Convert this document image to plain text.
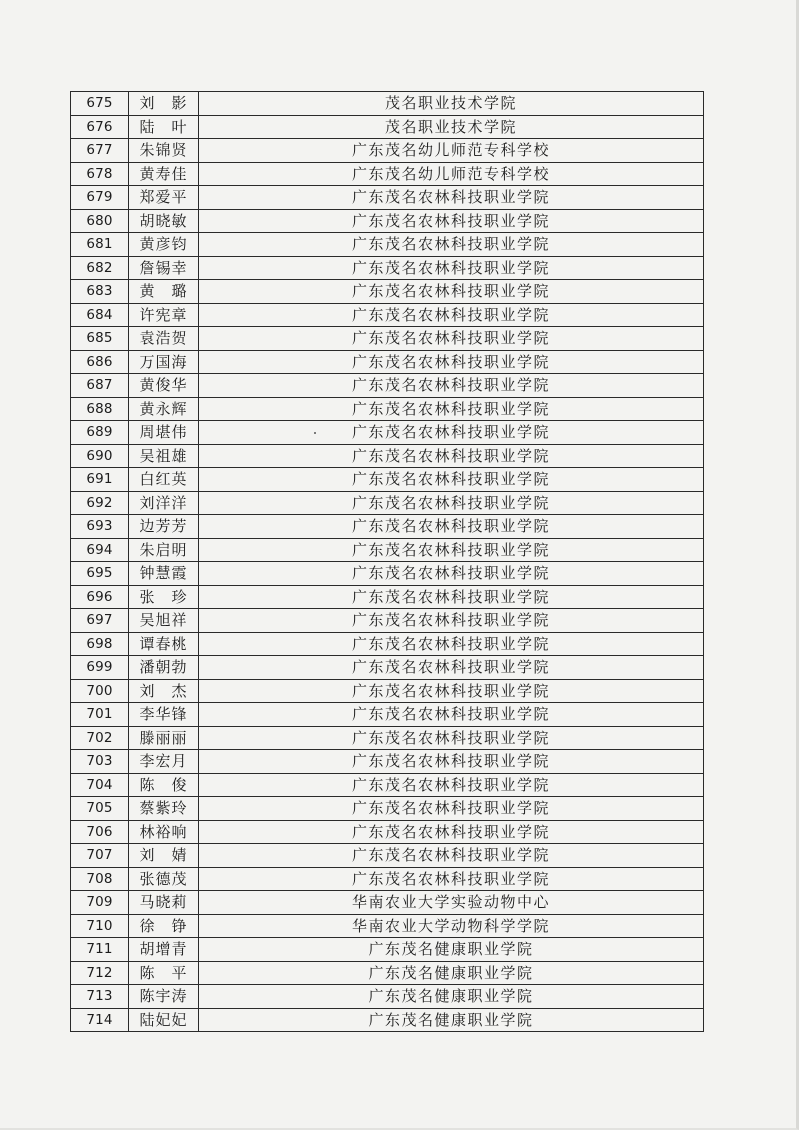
675	刘　影	茂名职业技术学院
676	陆　叶	茂名职业技术学院
677	朱锦贤	广东茂名幼儿师范专科学校
678	黄寿佳	广东茂名幼儿师范专科学校
679	郑爱平	广东茂名农林科技职业学院
680	胡晓敏	广东茂名农林科技职业学院
681	黄彦钧	广东茂名农林科技职业学院
682	詹锡幸	广东茂名农林科技职业学院
683	黄　璐	广东茂名农林科技职业学院
684	许宪章	广东茂名农林科技职业学院
685	袁浩贺	广东茂名农林科技职业学院
686	万国海	广东茂名农林科技职业学院
687	黄俊华	广东茂名农林科技职业学院
688	黄永辉	广东茂名农林科技职业学院
689	周堪伟	广东茂名农林科技职业学院
690	吴祖雄	广东茂名农林科技职业学院
691	白红英	广东茂名农林科技职业学院
692	刘洋洋	广东茂名农林科技职业学院
693	边芳芳	广东茂名农林科技职业学院
694	朱启明	广东茂名农林科技职业学院
695	钟慧霞	广东茂名农林科技职业学院
696	张　珍	广东茂名农林科技职业学院
697	吴旭祥	广东茂名农林科技职业学院
698	谭春桃	广东茂名农林科技职业学院
699	潘朝勃	广东茂名农林科技职业学院
700	刘　杰	广东茂名农林科技职业学院
701	李华锋	广东茂名农林科技职业学院
702	滕丽丽	广东茂名农林科技职业学院
703	李宏月	广东茂名农林科技职业学院
704	陈　俊	广东茂名农林科技职业学院
705	蔡紫玲	广东茂名农林科技职业学院
706	林裕响	广东茂名农林科技职业学院
707	刘　婧	广东茂名农林科技职业学院
708	张德茂	广东茂名农林科技职业学院
709	马晓莉	华南农业大学实验动物中心
710	徐　铮	华南农业大学动物科学学院
711	胡增青	广东茂名健康职业学院
712	陈　平	广东茂名健康职业学院
713	陈宇涛	广东茂名健康职业学院
714	陆妃妃	广东茂名健康职业学院
